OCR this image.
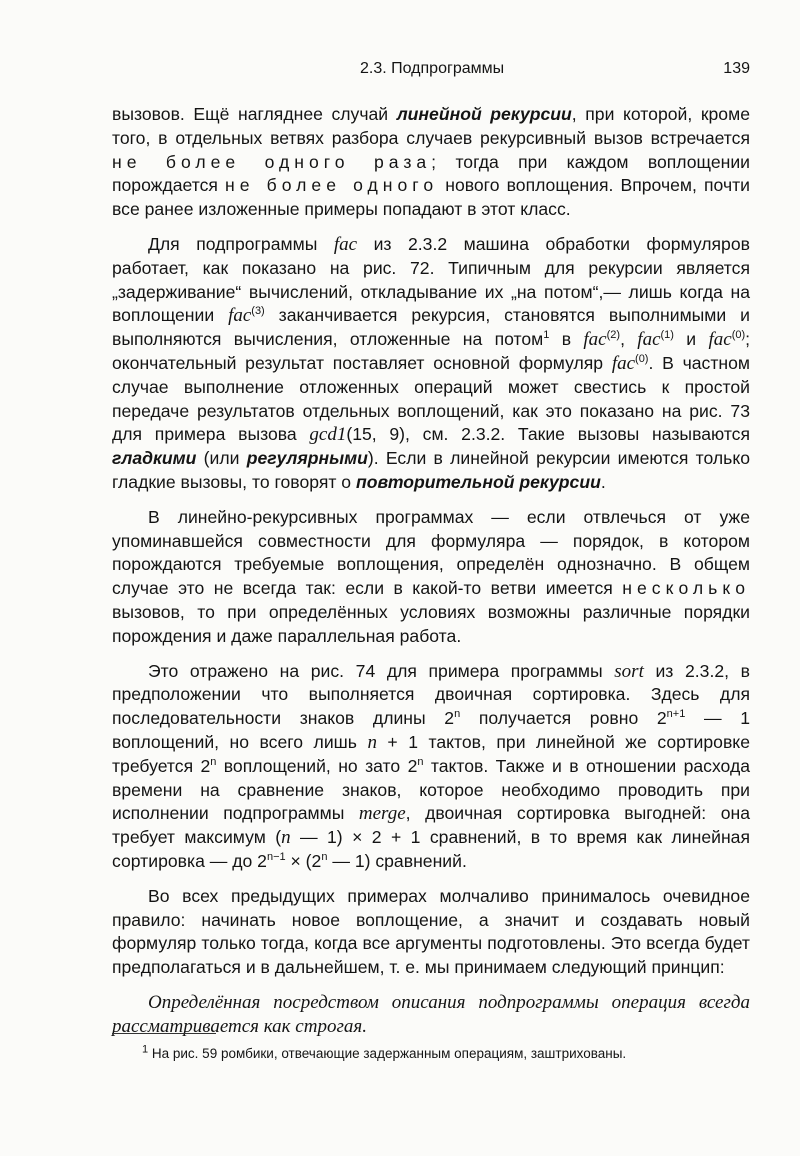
2.3. Подпрограммы	139

вызовов. Ещё нагляднее случай линейной рекурсии, при которой, кроме того, в отдельных ветвях разбора случаев рекурсивный вызов встречается не более одного раза; тогда при каждом воплощении порождается не более одного нового воплощения. Впрочем, почти все ранее изложенные примеры попадают в этот класс.

Для подпрограммы fac из 2.3.2 машина обработки формуляров работает, как показано на рис. 72. Типичным для рекурсии является „задерживание“ вычислений, откладывание их „на потом“,— лишь когда на воплощении fac$^{(3)}$ заканчивается рекурсия, становятся выполнимыми и выполняются вычисления, отложенные на потом$^1$ в fac$^{(2)}$, fac$^{(1)}$ и fac$^{(0)}$; окончательный результат поставляет основной формуляр fac$^{(0)}$. В частном случае выполнение отложенных операций может свестись к простой передаче результатов отдельных воплощений, как это показано на рис. 73 для примера вызова gcd1(15, 9), см. 2.3.2. Такие вызовы называются гладкими (или регулярными). Если в линейной рекурсии имеются только гладкие вызовы, то говорят о повторительной рекурсии.

В линейно-рекурсивных программах — если отвлечься от уже упоминавшейся совместности для формуляра — порядок, в котором порождаются требуемые воплощения, определён однозначно. В общем случае это не всегда так: если в какой-то ветви имеется несколько вызовов, то при определённых условиях возможны различные порядки порождения и даже параллельная работа.

Это отражено на рис. 74 для примера программы sort из 2.3.2, в предположении что выполняется двоичная сортировка. Здесь для последовательности знаков длины 2$^n$ получается ровно $2^{n+1}$ — 1 воплощений, но всего лишь n + 1 тактов, при линейной же сортировке требуется 2$^n$ воплощений, но зато 2$^n$ тактов. Также и в отношении расхода времени на сравнение знаков, которое необходимо проводить при исполнении подпрограммы merge, двоичная сортировка выгодней: она требует максимум (n — 1) × 2 + 1 сравнений, в то время как линейная сортировка — до $2^{n-1} \times (2^n$ — 1) сравнений.

Во всех предыдущих примерах молчаливо принималось очевидное правило: начинать новое воплощение, а значит и создавать новый формуляр только тогда, когда все аргументы подготовлены. Это всегда будет предполагаться и в дальнейшем, т. е. мы принимаем следующий принцип:

Определённая посредством описания подпрограммы операция всегда рассматривается как строгая.

$^1$ На рис. 59 ромбики, отвечающие задержанным операциям, заштрихованы.
